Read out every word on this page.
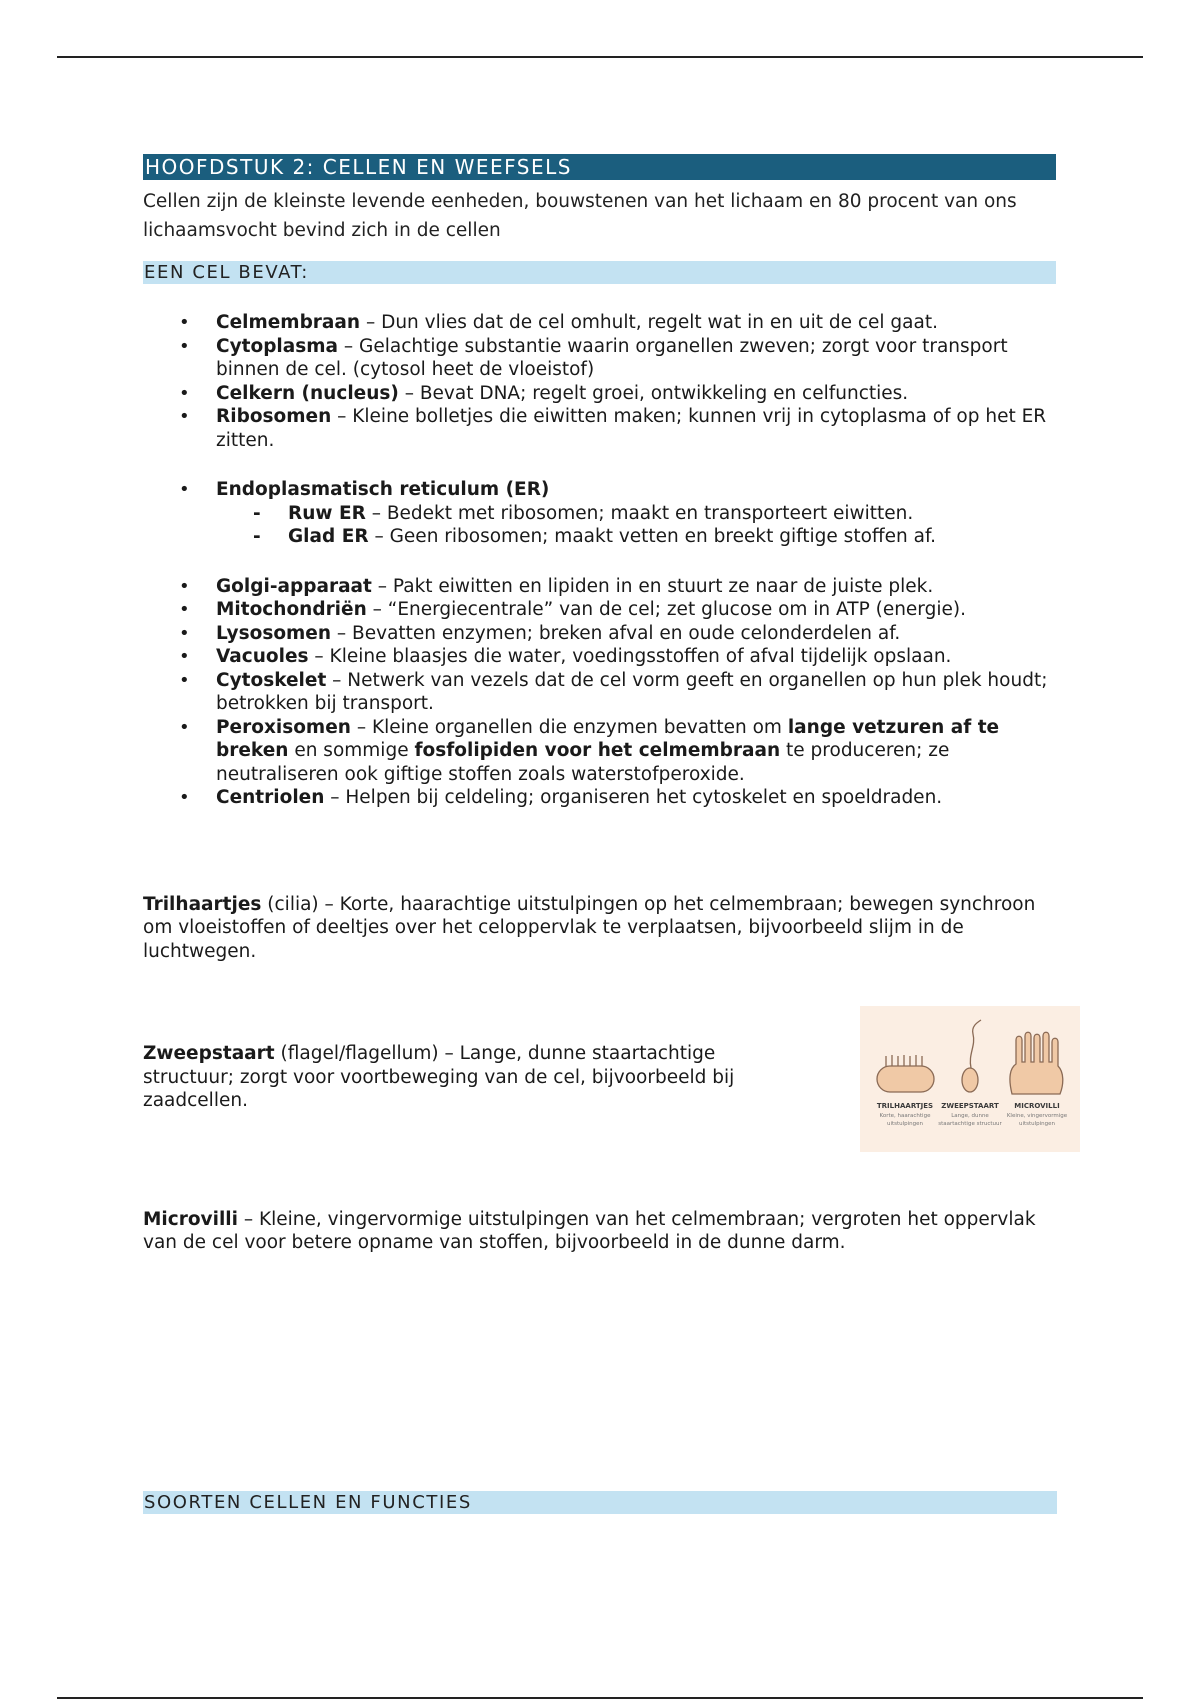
HOOFDSTUK 2: CELLEN EN WEEFSELS
Cellen zijn de kleinste levende eenheden, bouwstenen van het lichaam en 80 procent van ons lichaamsvocht bevind zich in de cellen
EEN CEL BEVAT:
• Celmembraan – Dun vlies dat de cel omhult, regelt wat in en uit de cel gaat.
• Cytoplasma – Gelachtige substantie waarin organellen zweven; zorgt voor transport binnen de cel. (cytosol heet de vloeistof)
• Celkern (nucleus) – Bevat DNA; regelt groei, ontwikkeling en celfuncties.
• Ribosomen – Kleine bolletjes die eiwitten maken; kunnen vrij in cytoplasma of op het ER zitten.
• Endoplasmatisch reticulum (ER)
- Ruw ER – Bedekt met ribosomen; maakt en transporteert eiwitten.
- Glad ER – Geen ribosomen; maakt vetten en breekt giftige stoffen af.
• Golgi-apparaat – Pakt eiwitten en lipiden in en stuurt ze naar de juiste plek.
• Mitochondriën – “Energiecentrale” van de cel; zet glucose om in ATP (energie).
• Lysosomen – Bevatten enzymen; breken afval en oude celonderdelen af.
• Vacuoles – Kleine blaasjes die water, voedingsstoffen of afval tijdelijk opslaan.
• Cytoskelet – Netwerk van vezels dat de cel vorm geeft en organellen op hun plek houdt; betrokken bij transport.
• Peroxisomen – Kleine organellen die enzymen bevatten om lange vetzuren af te breken en sommige fosfolipiden voor het celmembraan te produceren; ze neutraliseren ook giftige stoffen zoals waterstofperoxide.
• Centriolen – Helpen bij celdeling; organiseren het cytoskelet en spoeldraden.

Trilhaartjes (cilia) – Korte, haarachtige uitstulpingen op het celmembraan; bewegen synchroon om vloeistoffen of deeltjes over het celoppervlak te verplaatsen, bijvoorbeeld slijm in de luchtwegen.

Zweepstaart (flagel/flagellum) – Lange, dunne staartachtige structuur; zorgt voor voortbeweging van de cel, bijvoorbeeld bij zaadcellen.

Microvilli – Kleine, vingervormige uitstulpingen van het celmembraan; vergroten het oppervlak van de cel voor betere opname van stoffen, bijvoorbeeld in de dunne darm.

SOORTEN CELLEN EN FUNCTIES
TRILHAARTJES	ZWEEPSTAART	MICROVILLI
Korte, haarachtige uitstulpingen
Lange, dunne staartachtige structuur
Kleine, vingervormige uitstulpingen
